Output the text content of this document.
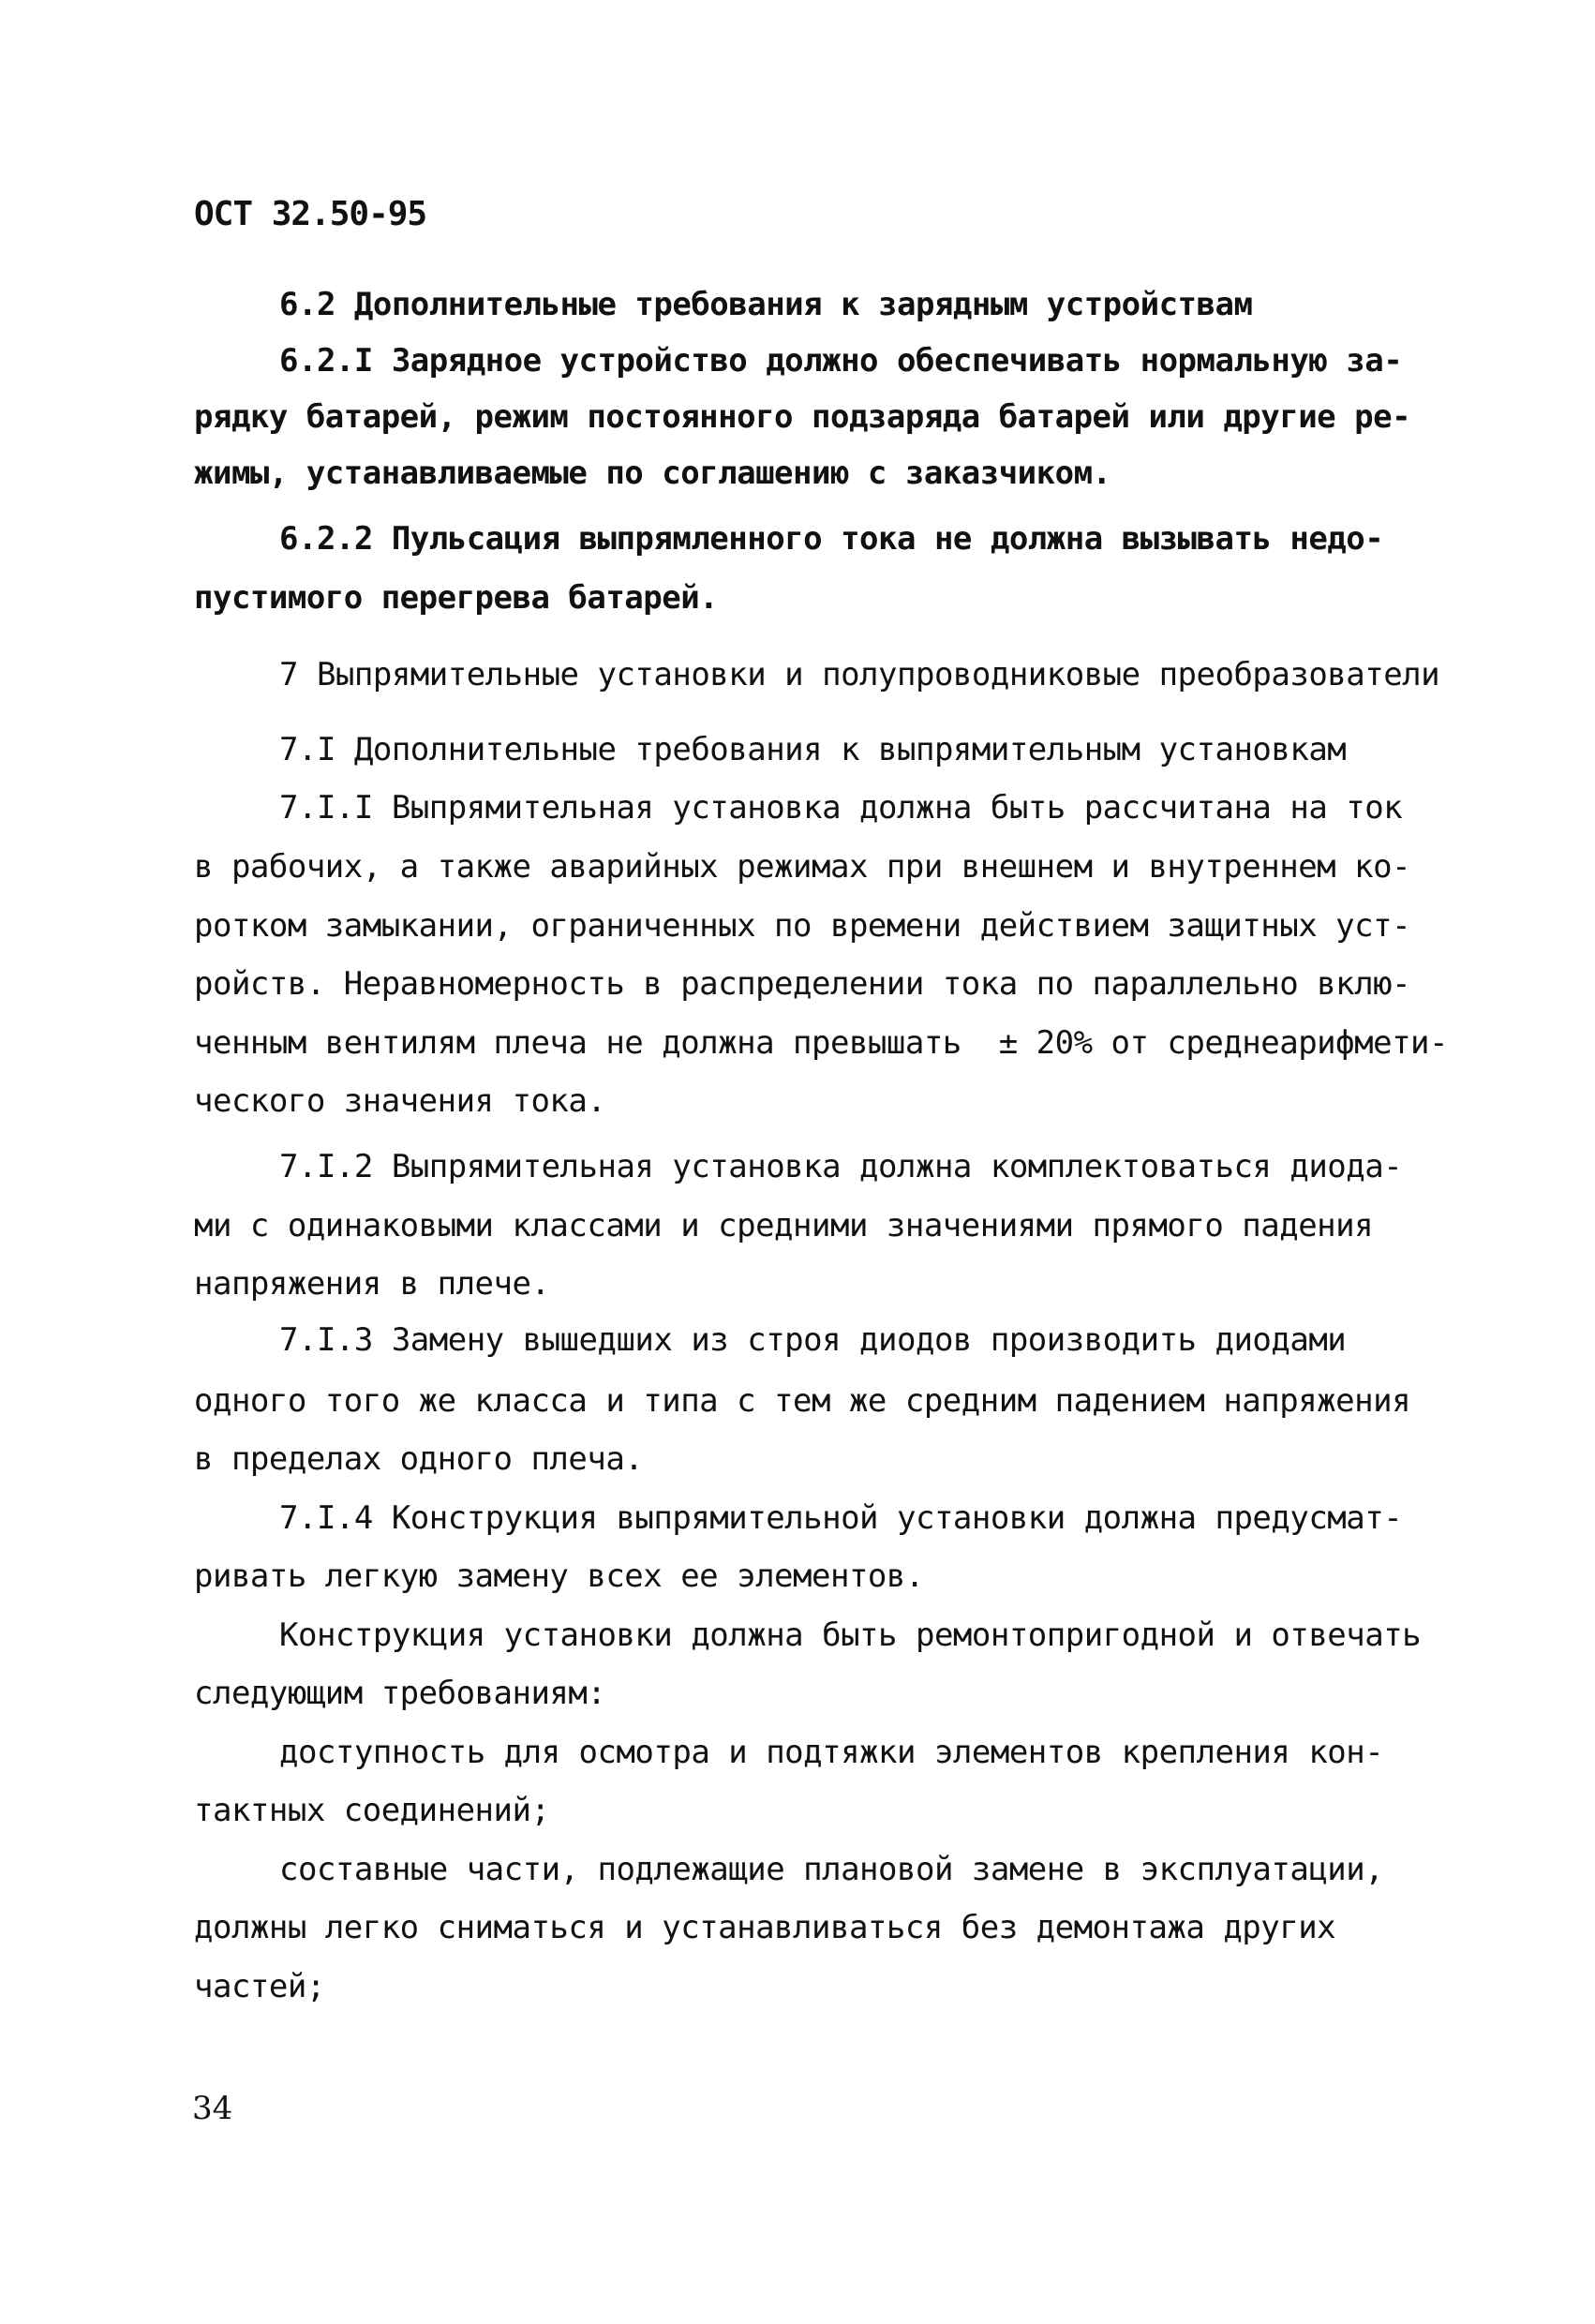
ОСТ 32.50-95
6.2 Дополнительные требования к зарядным устройствам
6.2.I Зарядное устройство должно обеспечивать нормальную за-
рядку батарей, режим постоянного подзаряда батарей или другие ре-
жимы, устанавливаемые по соглашению с заказчиком.
6.2.2 Пульсация выпрямленного тока не должна вызывать недо-
пустимого перегрева батарей.
7 Выпрямительные установки и полупроводниковые преобразователи
7.I Дополнительные требования к выпрямительным установкам
7.I.I Выпрямительная установка должна быть рассчитана на ток
в рабочих, а также аварийных режимах при внешнем и внутреннем ко-
ротком замыкании, ограниченных по времени действием защитных уст-
ройств. Неравномерность в распределении тока по параллельно вклю-
ченным вентилям плеча не должна превышать  ± 20% от среднеарифмети-
ческого значения тока.
7.I.2 Выпрямительная установка должна комплектоваться диода-
ми с одинаковыми классами и средними значениями прямого падения
напряжения в плече.
7.I.3 Замену вышедших из строя диодов производить диодами
одного того же класса и типа с тем же средним падением напряжения
в пределах одного плеча.
7.I.4 Конструкция выпрямительной установки должна предусмат-
ривать легкую замену всех ее элементов.
Конструкция установки должна быть ремонтопригодной и отвечать
следующим требованиям:
доступность для осмотра и подтяжки элементов крепления кон-
тактных соединений;
составные части, подлежащие плановой замене в эксплуатации,
должны легко сниматься и устанавливаться без демонтажа других
частей;
34
